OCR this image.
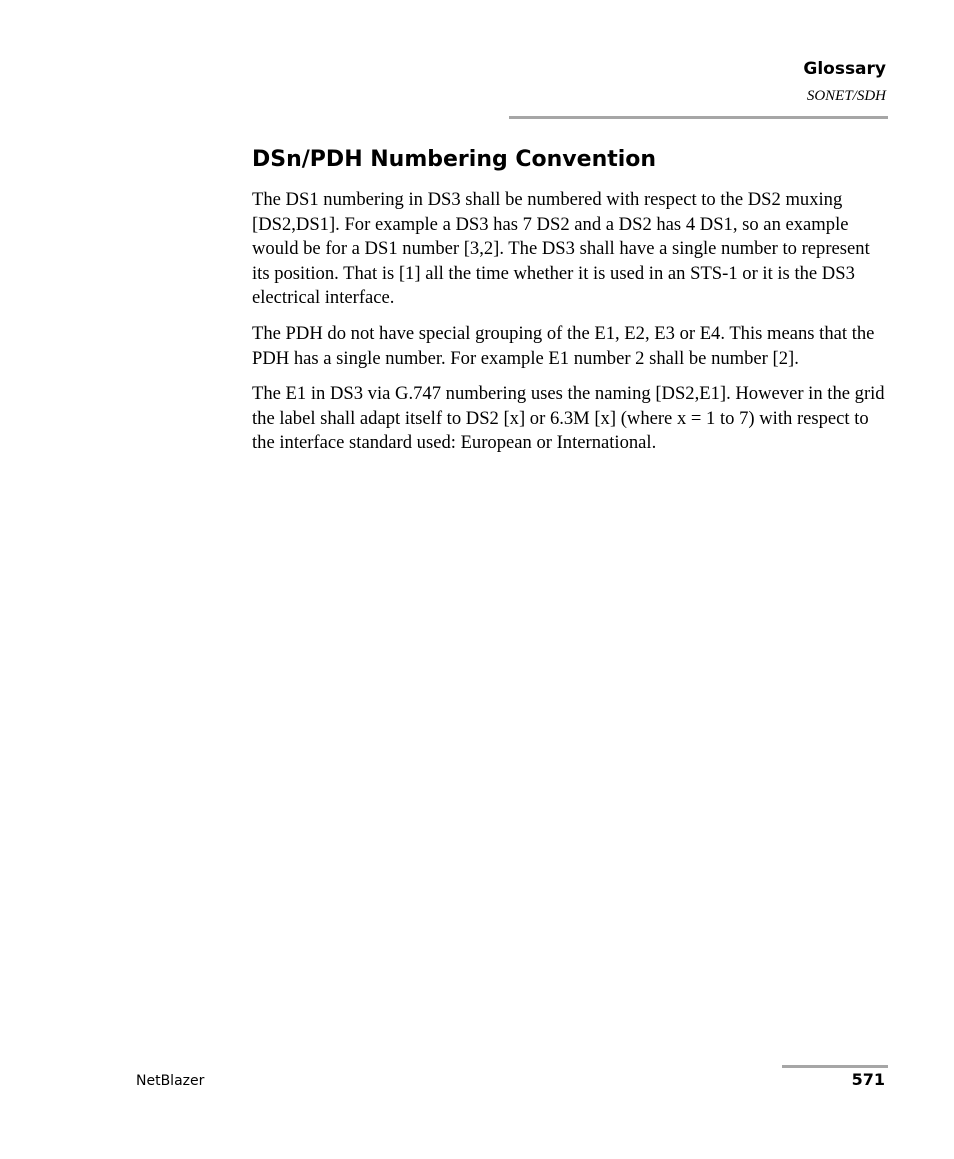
Glossary
SONET/SDH
DSn/PDH Numbering Convention

The DS1 numbering in DS3 shall be numbered with respect to the DS2 muxing [DS2,DS1]. For example a DS3 has 7 DS2 and a DS2 has 4 DS1, so an example would be for a DS1 number [3,2]. The DS3 shall have a single number to represent its position. That is [1] all the time whether it is used in an STS-1 or it is the DS3 electrical interface.

The PDH do not have special grouping of the E1, E2, E3 or E4. This means that the PDH has a single number. For example E1 number 2 shall be number [2].

The E1 in DS3 via G.747 numbering uses the naming [DS2,E1]. However in the grid the label shall adapt itself to DS2 [x] or 6.3M [x] (where x = 1 to 7) with respect to the interface standard used: European or International.

NetBlazer	571
